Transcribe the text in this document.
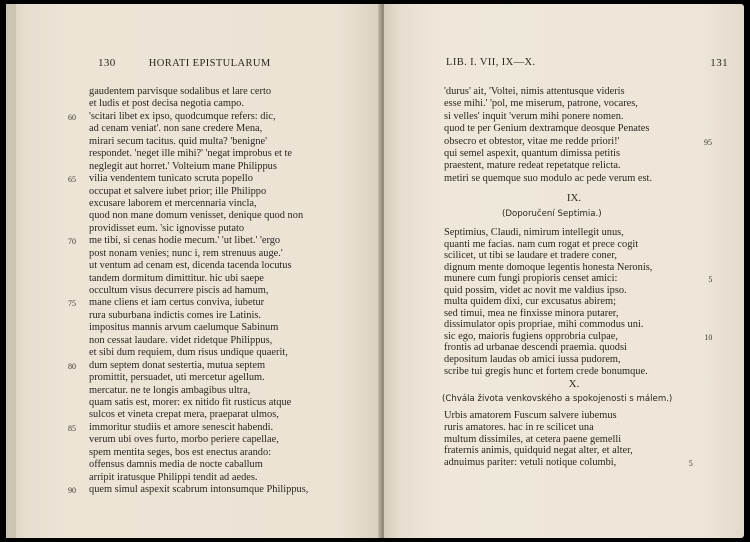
130	HORATI EPISTULARUM
gaudentem parvisque sodalibus et lare certo
et ludis et post decisa negotia campo.
60 'scitari libet ex ipso, quodcumque refers: dic,
ad cenam veniat'. non sane credere Mena,
mirari secum tacitus. quid multa? 'benigne'
respondet. 'neget ille mihi?' 'negat improbus et te
neglegit aut horret.' Volteium mane Philippus
65 vilia vendentem tunicato scruta popello
occupat et salvere iubet prior; ille Philippo
excusare laborem et mercennaria vincla,
quod non mane domum venisset, denique quod non
providisset eum. 'sic ignovisse putato
70 me tibi, si cenas hodie mecum.' 'ut libet.' 'ergo
post nonam venies; nunc i, rem strenuus auge.'
ut ventum ad cenam est, dicenda tacenda locutus
tandem dormitum dimittitur. hic ubi saepe
occultum visus decurrere piscis ad hamum,
75 mane cliens et iam certus conviva, iubetur
rura suburbana indictis comes ire Latinis.
impositus mannis arvum caelumque Sabinum
non cessat laudare. videt ridetque Philippus,
et sibi dum requiem, dum risus undique quaerit,
80 dum septem donat sestertia, mutua septem
promittit, persuadet, uti mercetur agellum.
mercatur. ne te longis ambagibus ultra,
quam satis est, morer: ex nitido fit rusticus atque
sulcos et vineta crepat mera, praeparat ulmos,
85 immoritur studiis et amore senescit habendi.
verum ubi oves furto, morbo periere capellae,
spem mentita seges, bos est enectus arando:
offensus damnis media de nocte caballum
arripit iratusque Philippi tendit ad aedes.
90 quem simul aspexit scabrum intonsumque Philippus,
LIB. I. VII, IX—X.	131
'durus' ait, 'Voltei, nimis attentusque videris
esse mihi.' 'pol, me miserum, patrone, vocares,
si velles' inquit 'verum mihi ponere nomen.
quod te per Genium dextramque deosque Penates
95
obsecro et obtestor, vitae me redde priori!'
qui semel aspexit, quantum dimissa petitis
praestent, mature redeat repetatque relicta.
metiri se quemque suo modulo ac pede verum est.
IX.
(Doporučení Septimia.)
Septimius, Claudi, nimirum intellegit unus,
quanti me facias. nam cum rogat et prece cogit
scilicet, ut tibi se laudare et tradere coner,
dignum mente domoque legentis honesta Neronis,
5
munere cum fungi propioris censet amici:
quid possim, videt ac novit me valdius ipso.
multa quidem dixi, cur excusatus abirem;
sed timui, mea ne finxisse minora putarer,
dissimulator opis propriae, mihi commodus uni.
10
sic ego, maioris fugiens opprobria culpae,
frontis ad urbanae descendi praemia. quodsi
depositum laudas ob amici iussa pudorem,
scribe tui gregis hunc et fortem crede bonumque.
X.
(Chvála života venkovského a spokojenosti s málem.)
Urbis amatorem Fuscum salvere iubemus
ruris amatores. hac in re scilicet una
multum dissimiles, at cetera paene gemelli
fraternis animis, quidquid negat alter, et alter,
5
adnuimus pariter: vetuli notique columbi,
